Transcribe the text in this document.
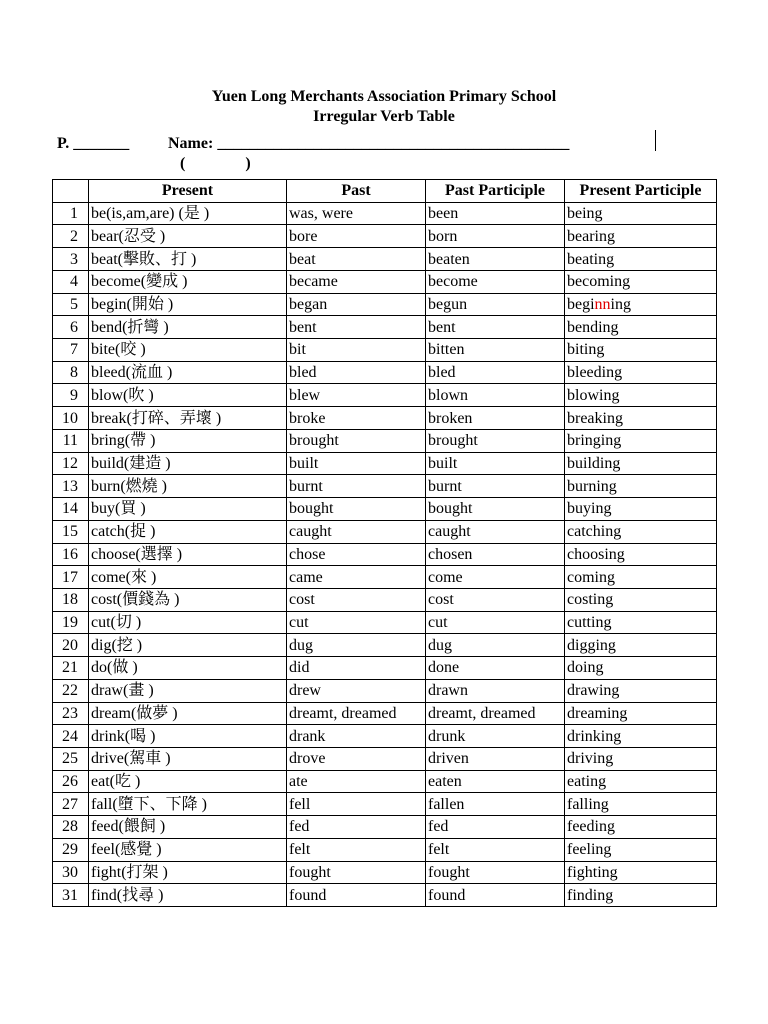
Yuen Long Merchants Association Primary School
Irregular Verb Table
P. _______ Name: ____________________________________________
(               )
	Present	Past	Past Participle	Present Participle
1	be(is,am,are) (是 )	was, were	been	being
2	bear(忍受 )	bore	born	bearing
3	beat(擊敗、打 )	beat	beaten	beating
4	become(變成 )	became	become	becoming
5	begin(開始 )	began	begun	beginning
6	bend(折彎 )	bent	bent	bending
7	bite(咬 )	bit	bitten	biting
8	bleed(流血 )	bled	bled	bleeding
9	blow(吹 )	blew	blown	blowing
10	break(打碎、弄壞 )	broke	broken	breaking
11	bring(帶 )	brought	brought	bringing
12	build(建造 )	built	built	building
13	burn(燃燒 )	burnt	burnt	burning
14	buy(買 )	bought	bought	buying
15	catch(捉 )	caught	caught	catching
16	choose(選擇 )	chose	chosen	choosing
17	come(來 )	came	come	coming
18	cost(價錢為 )	cost	cost	costing
19	cut(切 )	cut	cut	cutting
20	dig(挖 )	dug	dug	digging
21	do(做 )	did	done	doing
22	draw(畫 )	drew	drawn	drawing
23	dream(做夢 )	dreamt, dreamed	dreamt, dreamed	dreaming
24	drink(喝 )	drank	drunk	drinking
25	drive(駕車 )	drove	driven	driving
26	eat(吃 )	ate	eaten	eating
27	fall(墮下、下降 )	fell	fallen	falling
28	feed(餵飼 )	fed	fed	feeding
29	feel(感覺 )	felt	felt	feeling
30	fight(打架 )	fought	fought	fighting
31	find(找尋 )	found	found	finding
